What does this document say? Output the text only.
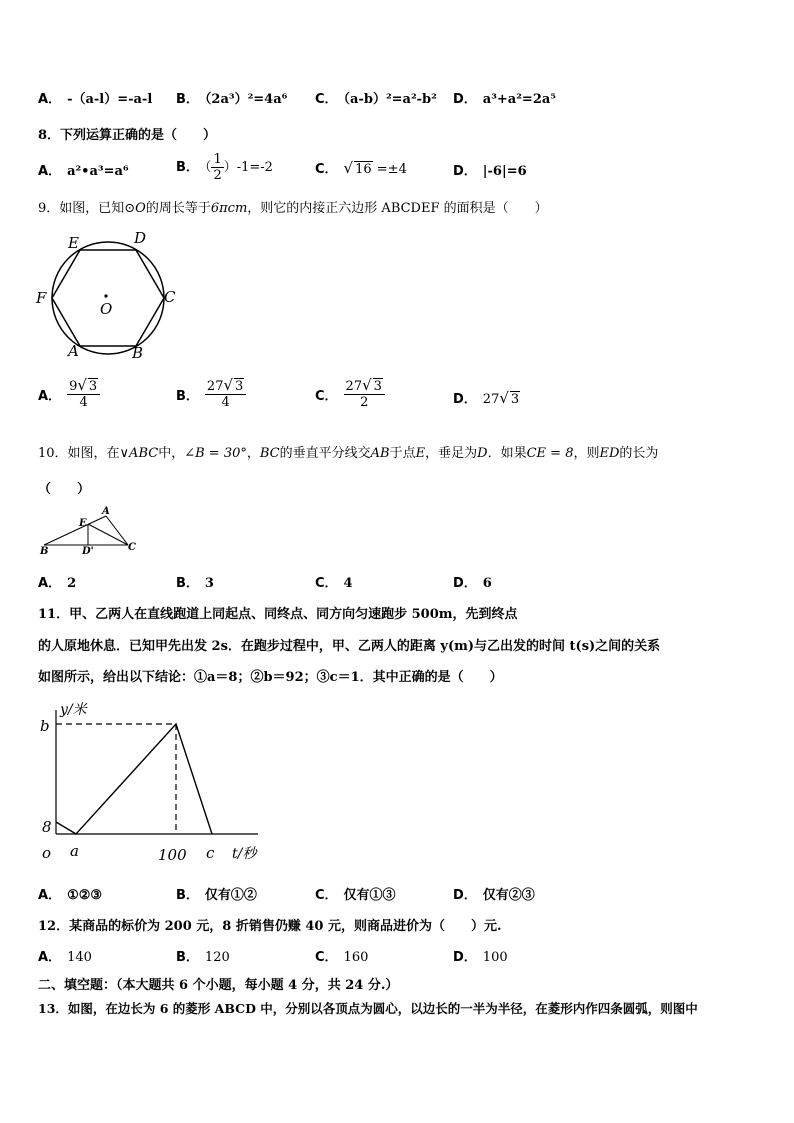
A． -（a-l）=-a-l B． （2a³）²=4a⁶ C． （a-b）²=a²-b² D． a³+a²=2a⁵
8．下列运算正确的是（　　）
A． a²•a³=a⁶	B． （ $\frac{1}{2} )-1=-2$	C． √ 16 =±4	D． |-6|=6
9．如图，已知⊙O的周长等于6πcm，则它的内接正六边形 ABCDEF 的面积是（　　）
O
E	D
F	C
A	B
A． $\frac{9√ 3}{4}$	B． $\frac{27√ 3}{4}$	C． $\frac{27√ 3}{2}$	D． 27√ 3
10．如图，在∨ABC中，∠B = 30°，BC的垂直平分线交AB于点E，垂足为D．如果CE = 8，则ED的长为
（　　）
B
A
E
D'	C
A． 2	B． 3	C． 4	D． 6
11．甲、乙两人在直线跑道上同起点、同终点、同方向匀速跑步 500m，先到终点
的人原地休息．已知甲先出发 2s．在跑步过程中，甲、乙两人的距离 y(m)与乙出发的时间 t(s)之间的关系
如图所示，给出以下结论：①a＝8；②b＝92；③c＝1．其中正确的是（　　）
y/米
b
8
o a	100 c t/秒
A． ①②③	B． 仅有①②	C． 仅有①③	D． 仅有②③
12．某商品的标价为 200 元，8 折销售仍赚 40 元，则商品进价为（　　）元.
A． 140	B． 120	C． 160	D． 100
二、填空题：（本大题共 6 个小题，每小题 4 分，共 24 分.）
13．如图，在边长为 6 的菱形 ABCD 中，分别以各顶点为圆心，以边长的一半为半径，在菱形内作四条圆弧，则图中
